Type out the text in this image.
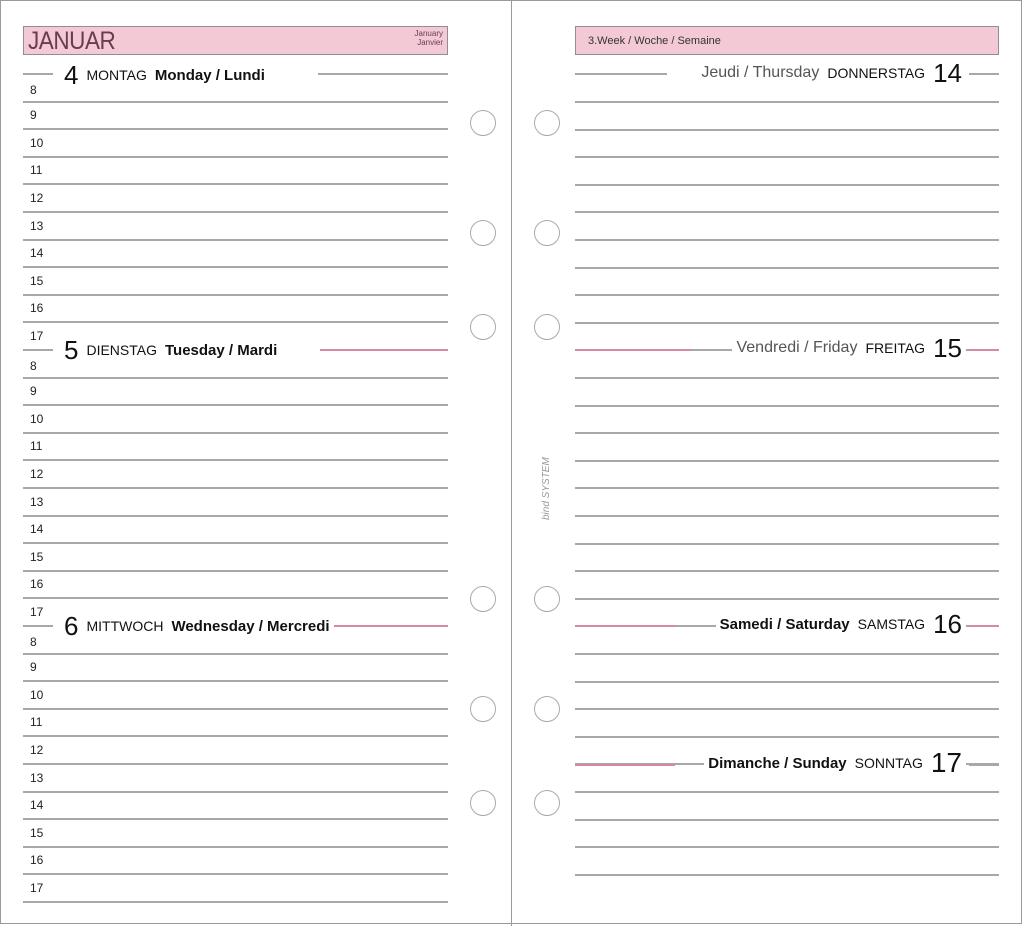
JANUAR	January
Janvier	3.Week / Woche / Semaine
8
9
10
11
12
13
14
15
16
17
8
9
10
11
12
13
14
15
16
17
8
9
10
11
12
13
14
15
16
17
4 MONTAG Monday / Lundi
5 DIENSTAG Tuesday / Mardi
6 MITTWOCH Wednesday / Mercredi
Jeudi / Thursday DONNERSTAG 14
Vendredi / Friday FREITAG 15
Samedi / Saturday SAMSTAG 16
Dimanche / Sunday SONNTAG 17
bind SYSTEM
